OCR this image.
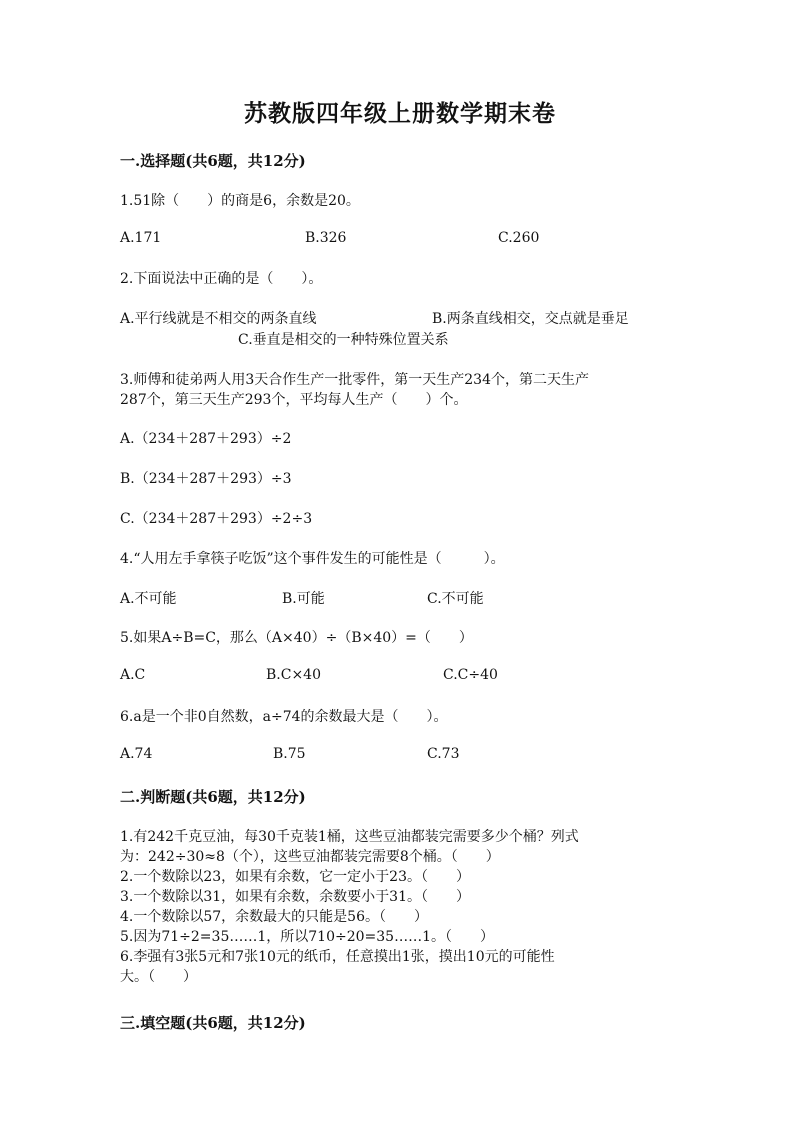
苏教版四年级上册数学期末卷
一.选择题(共6题，共12分)
1.51除（　　）的商是6，余数是20。
A.171	B.326	C.260
2.下面说法中正确的是（　　）。
A.平行线就是不相交的两条直线	B.两条直线相交，交点就是垂足
C.垂直是相交的一种特殊位置关系
3.师傅和徒弟两人用3天合作生产一批零件，第一天生产234个，第二天生产
287个，第三天生产293个，平均每人生产（　　）个。
A.（234＋287＋293）÷2
B.（234＋287＋293）÷3
C.（234＋287＋293）÷2÷3
4.“人用左手拿筷子吃饭”这个事件发生的可能性是（　　　）。
A.不可能	B.可能	C.不可能
5.如果A÷B=C，那么（A×40）÷（B×40）=（　　）
A.C	B.C×40	C.C÷40
6.a是一个非0自然数，a÷74的余数最大是（　　）。
A.74	B.75	C.73
二.判断题(共6题，共12分)
1.有242千克豆油，每30千克装1桶，这些豆油都装完需要多少个桶？列式
为：242÷30≈8（个），这些豆油都装完需要8个桶。（　　）
2.一个数除以23，如果有余数，它一定小于23。（　　）
3.一个数除以31，如果有余数，余数要小于31。（　　）
4.一个数除以57，余数最大的只能是56。（　　）
5.因为71÷2=35……1，所以710÷20=35……1。（　　）
6.李强有3张5元和7张10元的纸币，任意摸出1张，摸出10元的可能性
大。（　　）
三.填空题(共6题，共12分)
